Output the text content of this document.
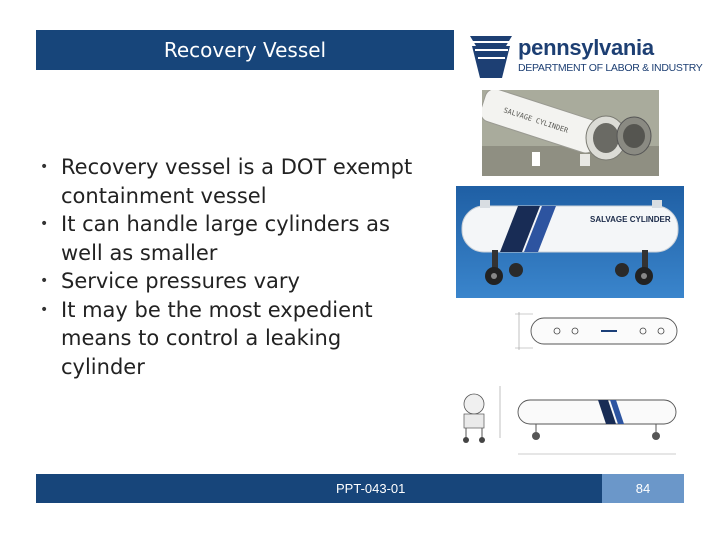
Recovery Vessel	pennsylvania
DEPARTMENT OF LABOR & INDUSTRY
• Recovery vessel is a DOT exempt containment vessel
• It can handle large cylinders as well as smaller
• Service pressures vary
• It may be the most expedient means to control a leaking cylinder
SALVAGE CYLINDER
SALVAGE CYLINDER
PPT-043-01	84
